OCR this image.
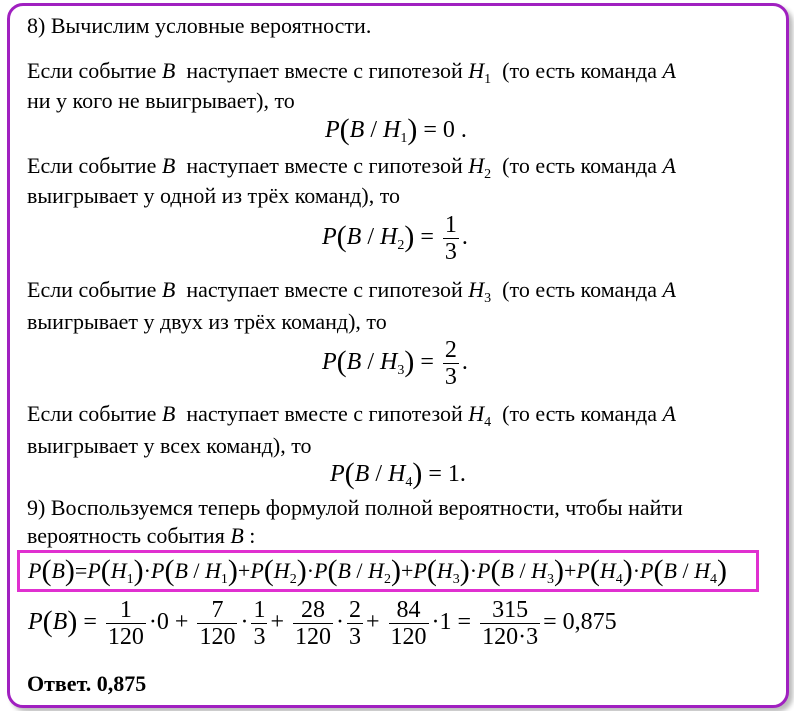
8) Вычислим условные вероятности.
Если событие B наступает вместе с гипотезой $H_1$ (то есть команда A
ни у кого не выигрывает), то
$P(B / H_1) = 0$ .
Если событие B наступает вместе с гипотезой $H_2$ (то есть команда A
выигрывает у одной из трёх команд), то
$P(B / H_2) = \frac{1}{3}$ .
Если событие B наступает вместе с гипотезой $H_3$ (то есть команда A
выигрывает у двух из трёх команд), то
$P(B / H_3) = \frac{2}{3}$ .
Если событие B наступает вместе с гипотезой $H_4$ (то есть команда A
выигрывает у всех команд), то
$P(B / H_4) = 1$.
9) Воспользуемся теперь формулой полной вероятности, чтобы найти
вероятность события B :
$P(B)=P(H_1)\cdot P(B / H_1)+P(H_2)\cdot P(B / H_2)+P(H_3)\cdot P(B / H_3)+P(H_4)\cdot P(B / H_4)$
$P(B) = \frac{1}{120} \cdot 0 + \frac{7}{120} \cdot \frac{1}{3} + \frac{28}{120} \cdot \frac{2}{3} + \frac{84}{120} \cdot 1 = \frac{315}{120\cdot 3} = 0,875$
Ответ. 0,875
